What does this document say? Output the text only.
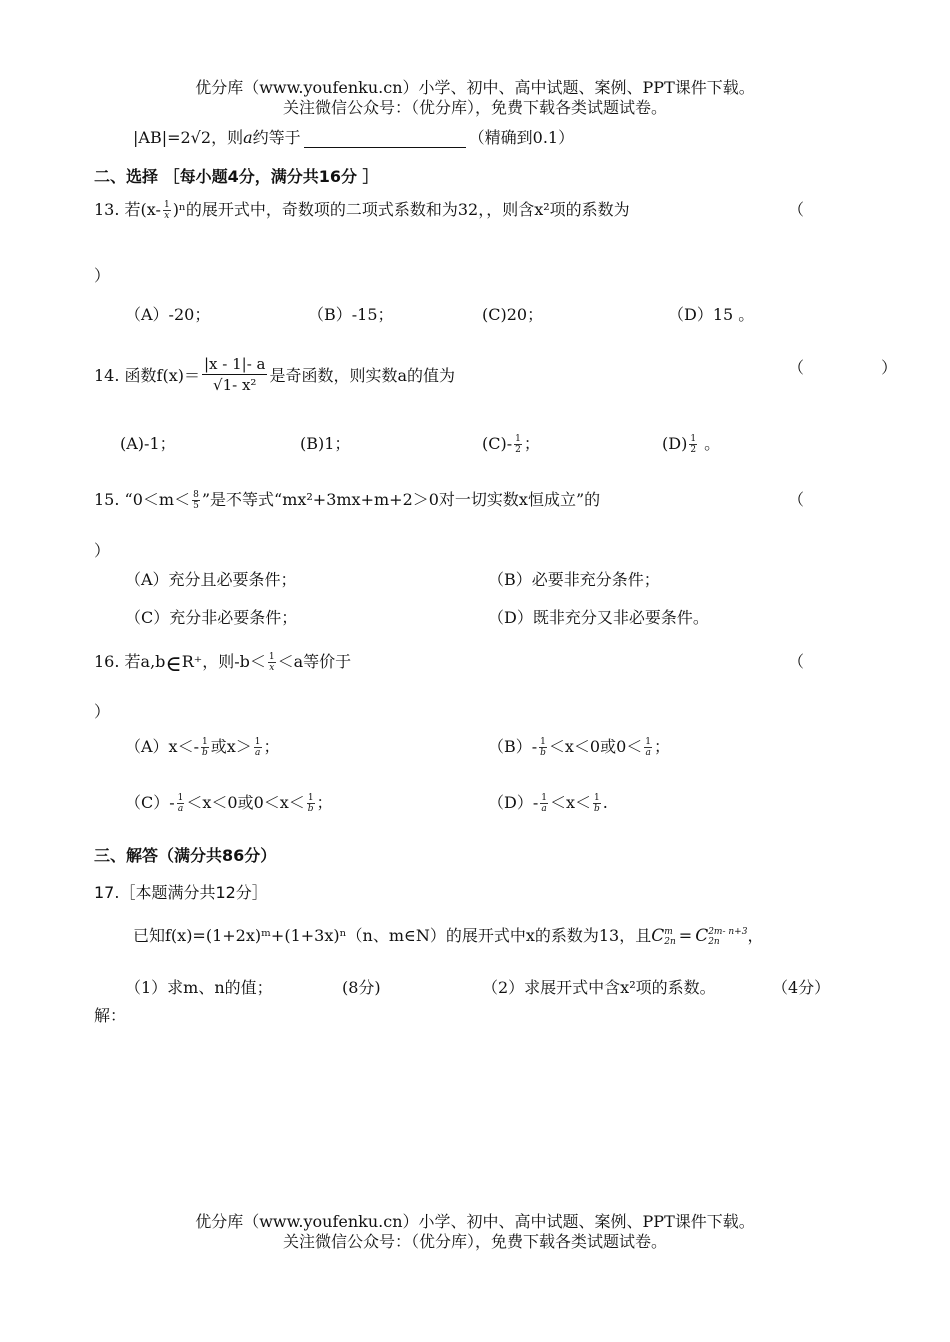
优分库（www.youfenku.cn）小学、初中、高中试题、案例、PPT课件下载。
关注微信公众号：（优分库），免费下载各类试题试卷。
|AB|=2√2，则a约等于	（精确到0.1）
二、选择 ［每小题4分，满分共16分 ］
13. 若$(x- \frac{1}{x} )^n$的展开式中，奇数项的二项式系数和为32，，则含x²项的系数为	（
）
（A）-20；	（B）-15；	(C)20；	（D）15 。
14. 函数$f(x)= \frac{|x - 1|- a}{\text{√1- x²}}$ 是奇函数，则实数a的值为	（ ）
(A)-1；	(B)1；	$(C)- \frac{1}{2}$ ；	$(D) \frac{1}{2}$ 。
15. “$0<m< \frac{8}{5}$ ”是不等式“mx²+3mx+m+2＞0对一切实数x恒成立”的	（
）
（A）充分且必要条件；	（B）必要非充分条件；
（C）充分非必要条件；	（D）既非充分又非必要条件。
16. 若a,b∈R⁺，则$-b< \frac{1}{x} <a$等价于	（
）
$(A)x<- \frac{1}{b}$ 或$x> \frac{1}{a}$ ；	$(B)- \frac{1}{b} <x<0$或$0< \frac{1}{a}$ ；
$(C)- \frac{1}{a} <x<0$或$0<x< \frac{1}{b}$ ；	$(D)- \frac{1}{a} <x< \frac{1}{b}$ .
三、解答（满分共86分）
17.［本题满分共12分］
已知f(x)=(1+2x)ᵐ+(1+3x)ⁿ（n、m∈N）的展开式中x的系数为13，且C m
2n = C 2m- n+3
2n	，
（1）求m、n的值；	(8分)	（2）求展开式中含x²项的系数。	（4分）
解：
优分库（www.youfenku.cn）小学、初中、高中试题、案例、PPT课件下载。
关注微信公众号：（优分库），免费下载各类试题试卷。
